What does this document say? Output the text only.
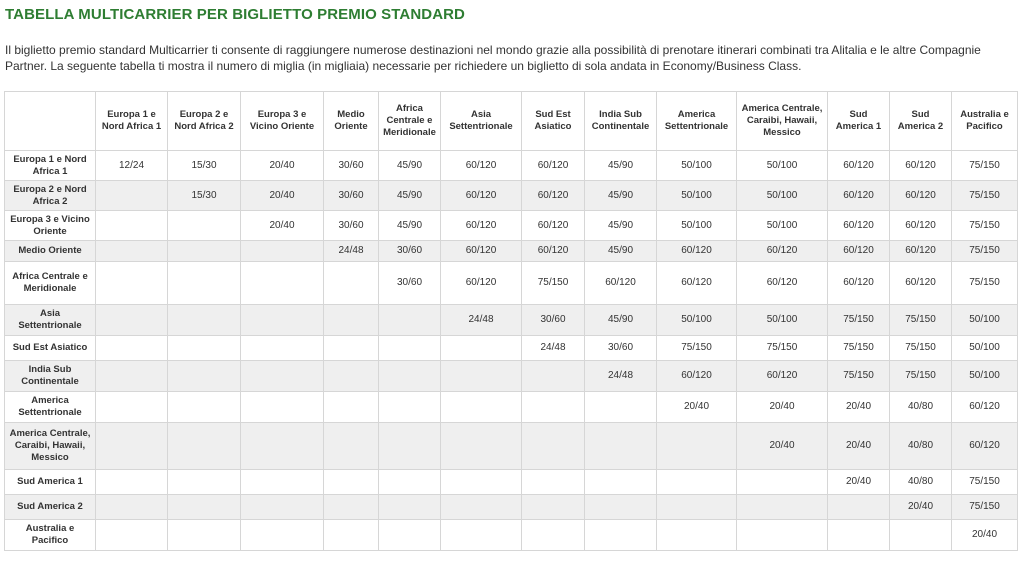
TABELLA MULTICARRIER PER BIGLIETTO PREMIO STANDARD
Il biglietto premio standard Multicarrier ti consente di raggiungere numerose destinazioni nel mondo grazie alla possibilità di prenotare itinerari combinati tra Alitalia e le altre Compagnie Partner. La seguente tabella ti mostra il numero di miglia (in migliaia) necessarie per richiedere un biglietto di sola andata in Economy/Business Class.
	Europa 1 e Nord Africa 1	Europa 2 e Nord Africa 2	Europa 3 e Vicino Oriente	Medio Oriente	Africa Centrale e Meridionale	Asia Settentrionale	Sud Est Asiatico	India Sub Continentale	America Settentrionale	America Centrale, Caraibi, Hawaii, Messico	Sud America 1	Sud America 2	Australia e Pacifico
Europa 1 e Nord Africa 1	12/24	15/30	20/40	30/60	45/90	60/120	60/120	45/90	50/100	50/100	60/120	60/120	75/150
Europa 2 e Nord Africa 2		15/30	20/40	30/60	45/90	60/120	60/120	45/90	50/100	50/100	60/120	60/120	75/150
Europa 3 e Vicino Oriente			20/40	30/60	45/90	60/120	60/120	45/90	50/100	50/100	60/120	60/120	75/150
Medio Oriente				24/48	30/60	60/120	60/120	45/90	60/120	60/120	60/120	60/120	75/150
Africa Centrale e Meridionale					30/60	60/120	75/150	60/120	60/120	60/120	60/120	60/120	75/150
Asia Settentrionale						24/48	30/60	45/90	50/100	50/100	75/150	75/150	50/100
Sud Est Asiatico							24/48	30/60	75/150	75/150	75/150	75/150	50/100
India Sub Continentale								24/48	60/120	60/120	75/150	75/150	50/100
America Settentrionale									20/40	20/40	20/40	40/80	60/120
America Centrale, Caraibi, Hawaii, Messico										20/40	20/40	40/80	60/120
Sud America 1											20/40	40/80	75/150
Sud America 2												20/40	75/150
Australia e Pacifico													20/40
